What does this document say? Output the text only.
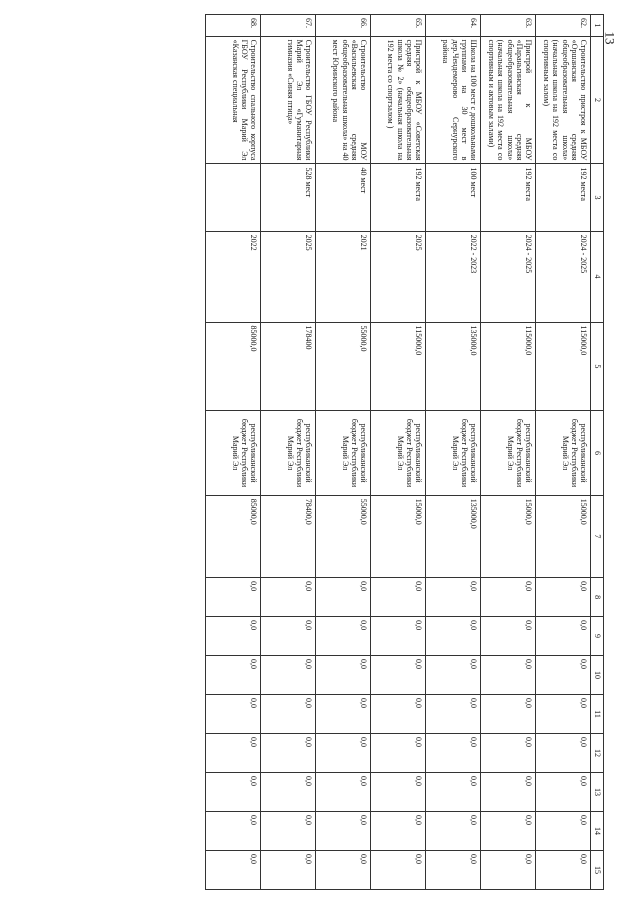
13
1	2	3	4	5	6	7	8	9	10	11	12	13	14	15
62.	Строительство пристроя к МБОУ «Оршанская средняя общеобразовательная школа» (начальная школа на 192 места со спортивным залом)	192 места	2024 - 2025	115000,0	республиканский бюджет Республики Марий Эл	15000,0	0,0	0,0	0,0	0,0	0,0	0,0	0,0	0,0
63.	Пристрой к МБОУ «Параньгинская средняя общеобразовательная школа» (начальная школа на 192 места со спортивным и актовым залами)	192 места	2024 - 2025	115000,0	республиканский бюджет Республики Марий Эл	15000,0	0,0	0,0	0,0	0,0	0,0	0,0	0,0	0,0
64.	Школа на 100 мест с дошкольными группами на 30 мест в дер.Чендемерово Сернурского района	100 мест	2022 - 2023	135000,0	республиканский бюджет Республики Марий Эл	135000,0	0,0	0,0	0,0	0,0	0,0	0,0	0,0	0,0
65.	Пристрой к МБОУ «Советская средняя общеобразовательная школа № 2» (начальная школа на 192 места со спортзалом )	192 места	2025	115000,0	республиканский бюджет Республики Марий Эл	15000,0	0,0	0,0	0,0	0,0	0,0	0,0	0,0	0,0
66.	Строительство МОУ «Васильевская средняя общеобразовательная школа» на 40 мест Юринского района	40 мест	2021	55000,0	республиканский бюджет Республики Марий Эл	55000,0	0,0	0,0	0,0	0,0	0,0	0,0	0,0	0,0
67.	Строительство ГБОУ Республики Марий Эл «Гуманитарная гимназия «Синяя птица»	528 мест	2025	178400	республиканский бюджет Республики Марий Эл	78400,0	0,0	0,0	0,0	0,0	0,0	0,0	0,0	0,0
68.	Строительство спального корпуса ГБОУ Республики Марий Эл «Казанская специальная		2022	85000,0	республиканский бюджет Республики Марий Эл	85000,0	0,0	0,0	0,0	0,0	0,0	0,0	0,0	0,0
